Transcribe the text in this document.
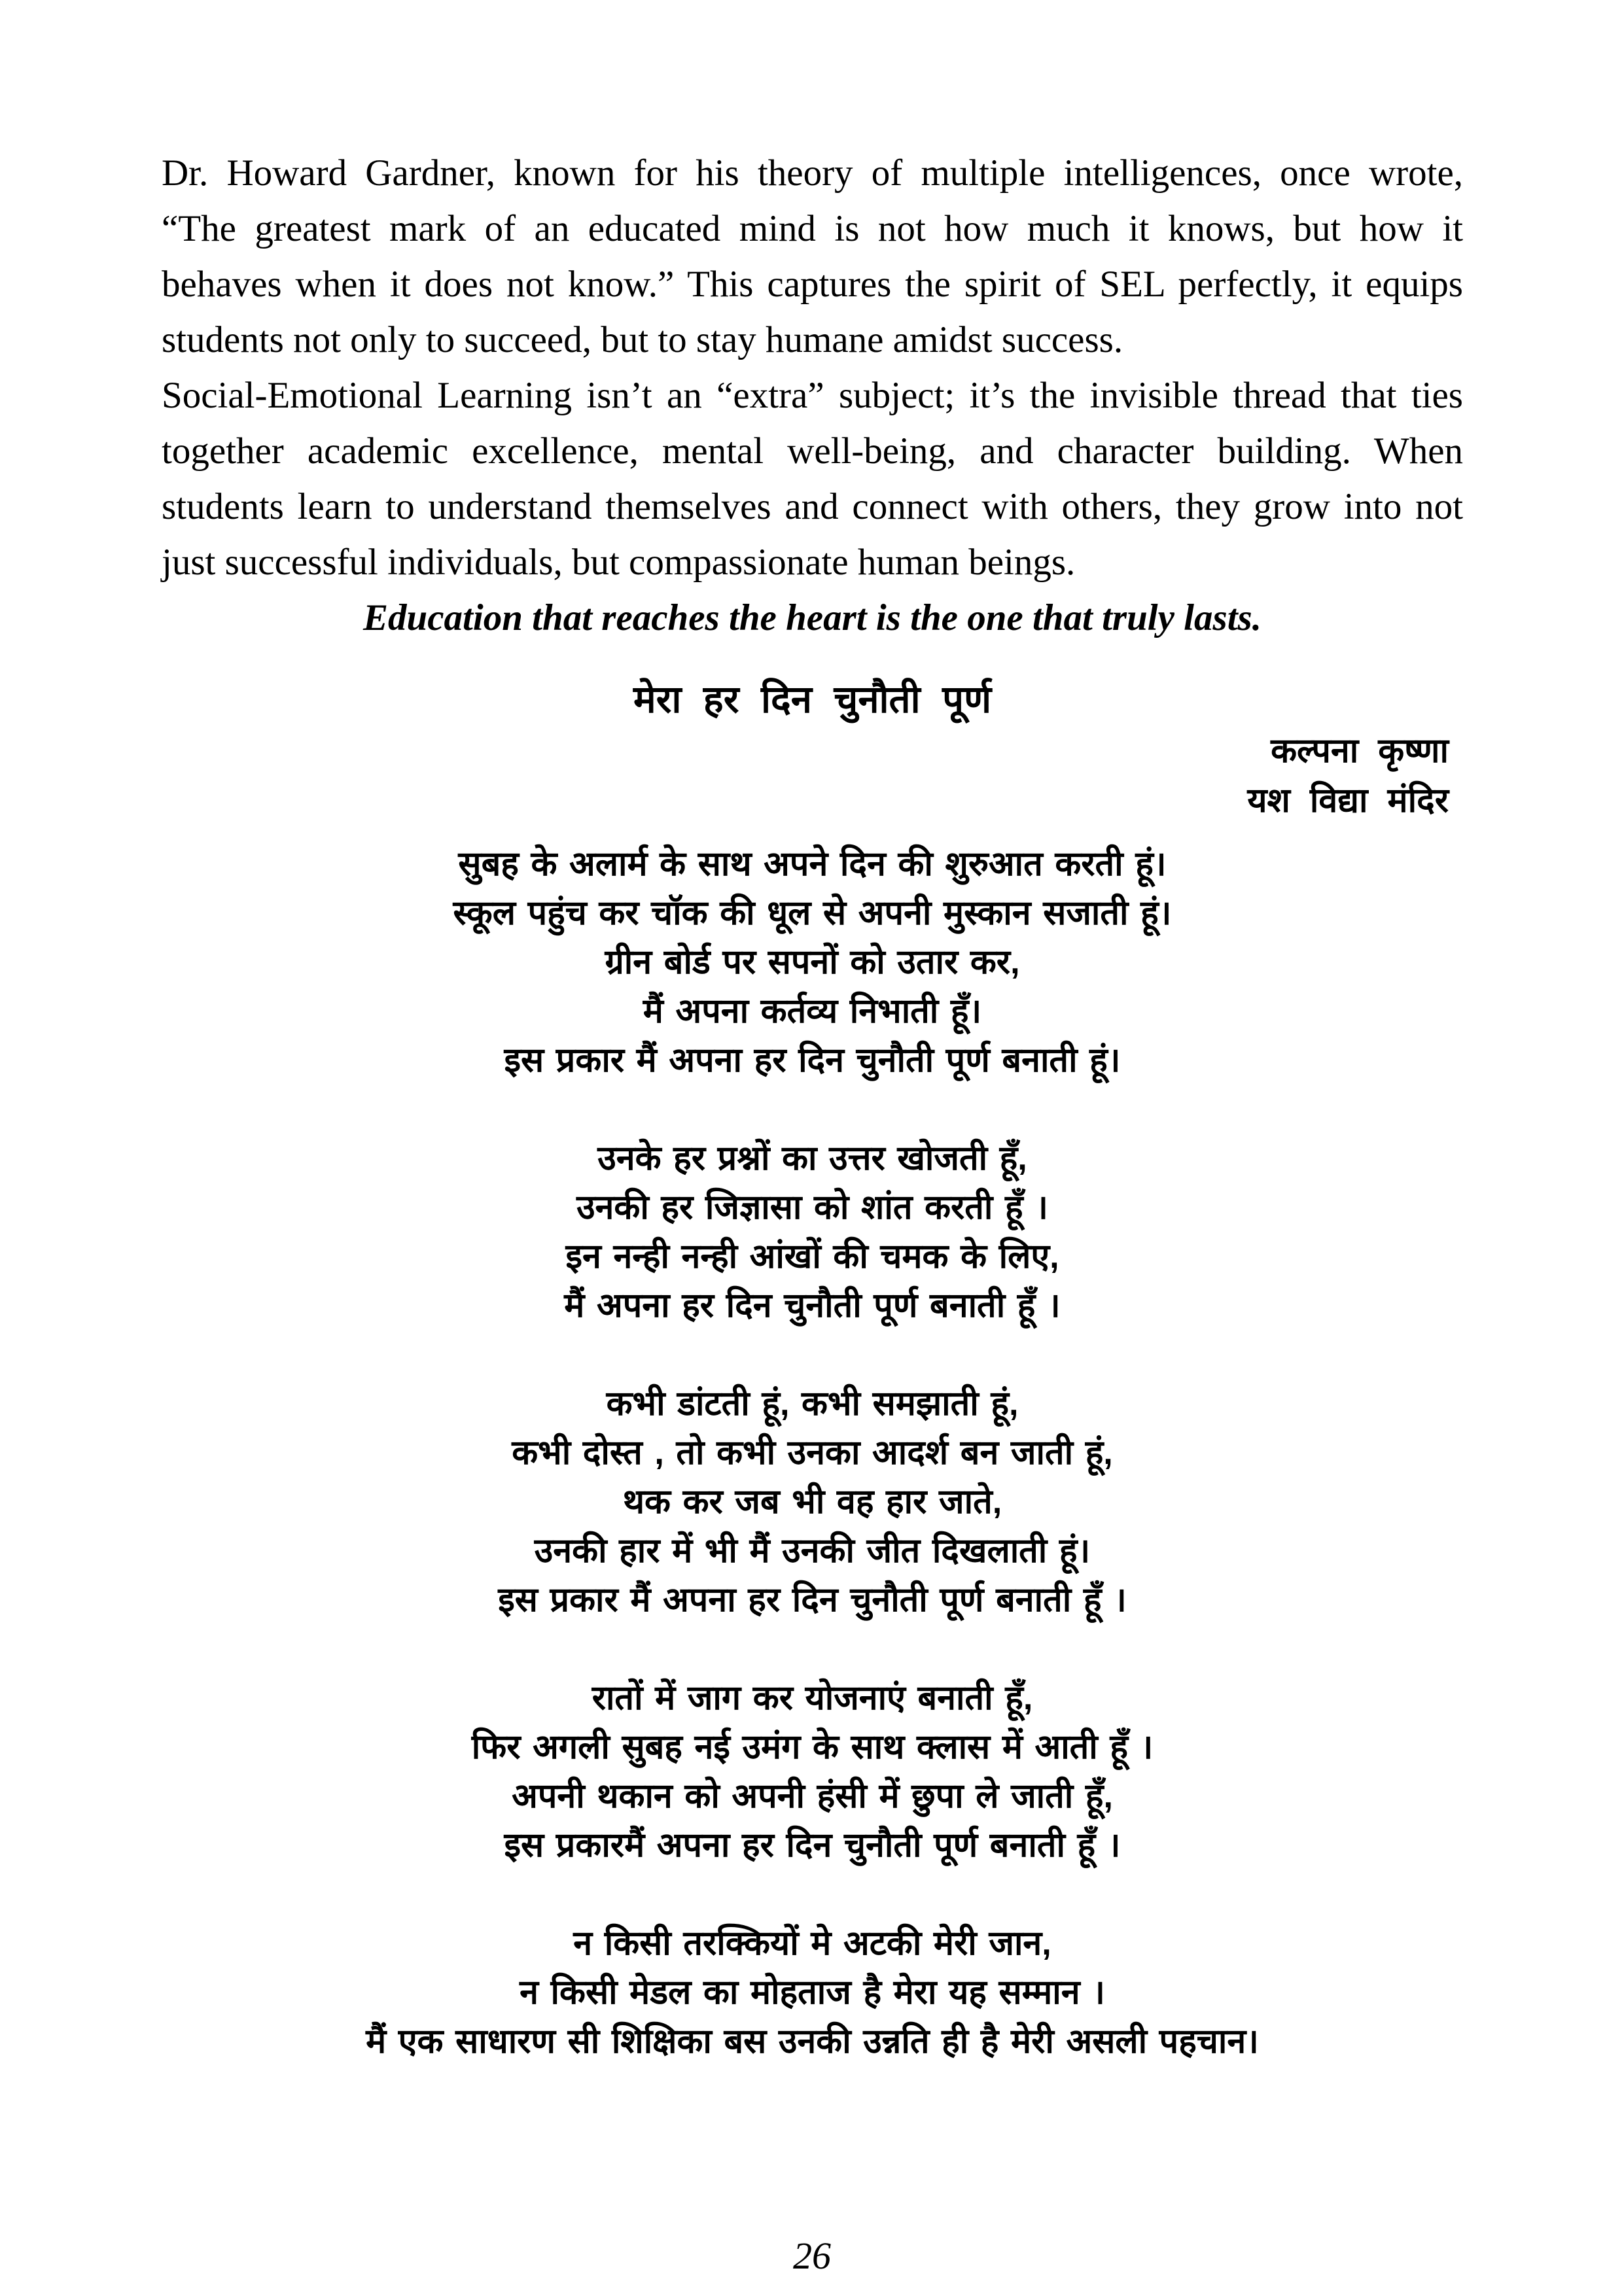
Dr. Howard Gardner, known for his theory of multiple intelligences, once wrote,
“The greatest mark of an educated mind is not how much it knows, but how it
behaves when it does not know.” This captures the spirit of SEL perfectly, it equips
students not only to succeed, but to stay humane amidst success.
Social-Emotional Learning isn’t an “extra” subject; it’s the invisible thread that ties
together academic excellence, mental well-being, and character building. When
students learn to understand themselves and connect with others, they grow into not
just successful individuals, but compassionate human beings.
Education that reaches the heart is the one that truly lasts.
मेरा हर दिन चुनौती पूर्ण
कल्पना कृष्णा
यश विद्या मंदिर
सुबह के अलार्म के साथ अपने दिन की शुरुआत करती हूं।
स्कूल पहुंच कर चॉक की धूल से अपनी मुस्कान सजाती हूं।
ग्रीन बोर्ड पर सपनों को उतार कर,
मैं अपना कर्तव्य निभाती हूँ।
इस प्रकार मैं अपना हर दिन चुनौती पूर्ण बनाती हूं।
उनके हर प्रश्नों का उत्तर खोजती हूँ,
उनकी हर जिज्ञासा को शांत करती हूँ ।
इन नन्ही नन्ही आंखों की चमक के लिए,
मैं अपना हर दिन चुनौती पूर्ण बनाती हूँ ।
कभी डांटती हूं, कभी समझाती हूं,
कभी दोस्त , तो कभी उनका आदर्श बन जाती हूं,
थक कर जब भी वह हार जाते,
उनकी हार में भी मैं उनकी जीत दिखलाती हूं।
इस प्रकार मैं अपना हर दिन चुनौती पूर्ण बनाती हूँ ।
रातों में जाग कर योजनाएं बनाती हूँ,
फिर अगली सुबह नई उमंग के साथ क्लास में आती हूँ ।
अपनी थकान को अपनी हंसी में छुपा ले जाती हूँ,
इस प्रकारमैं अपना हर दिन चुनौती पूर्ण बनाती हूँ ।
न किसी तरक्कियों मे अटकी मेरी जान,
न किसी मेडल का मोहताज है मेरा यह सम्मान ।
मैं एक साधारण सी शिक्षिका बस उनकी उन्नति ही है मेरी असली पहचान।
26
